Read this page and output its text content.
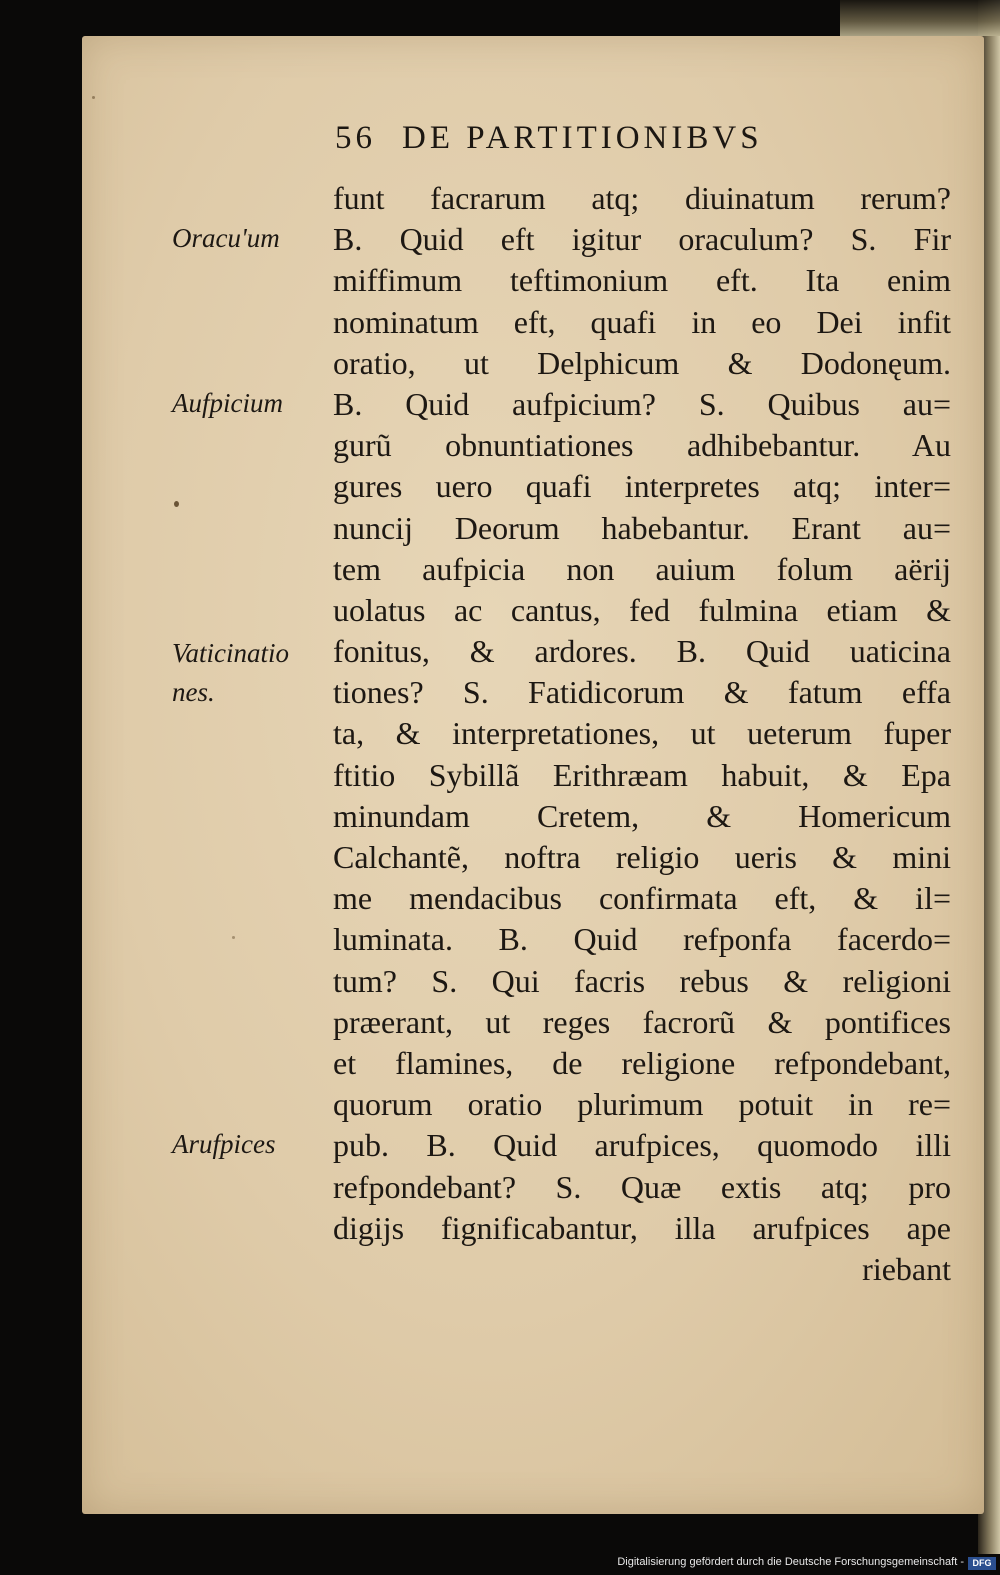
56 DE PARTITIONIBVS
Oracu'um
Aufpicium
Vaticinatio
nes.
Arufpices
funt facrarum atq; diuinatum rerum?
B. Quid eft igitur oraculum? S. Fir
miffimum teftimonium eft. Ita enim
nominatum eft, quafi in eo Dei infit
oratio, ut Delphicum & Dodonęum.
B. Quid aufpicium? S. Quibus au=
gurũ obnuntiationes adhibebantur. Au
gures uero quafi interpretes atq; inter=
nuncij Deorum habebantur. Erant au=
tem aufpicia non auium folum aërij
uolatus ac cantus, fed fulmina etiam &
fonitus, & ardores. B. Quid uaticina
tiones? S. Fatidicorum & fatum effa
ta, & interpretationes, ut ueterum fuper
ftitio Sybillã Erithræam habuit, & Epa
minundam Cretem, & Homericum
Calchantẽ, noftra religio ueris & mini
me mendacibus confirmata eft, & il=
luminata. B. Quid refponfa facerdo=
tum? S. Qui facris rebus & religioni
præerant, ut reges facrorũ & pontifices
et flamines, de religione refpondebant,
quorum oratio plurimum potuit in re=
pub. B. Quid arufpices, quomodo illi
refpondebant? S. Quæ extis atq; pro
digijs fignificabantur, illa arufpices ape
riebant
Digitalisierung gefördert durch die Deutsche Forschungsgemeinschaft - DFG
